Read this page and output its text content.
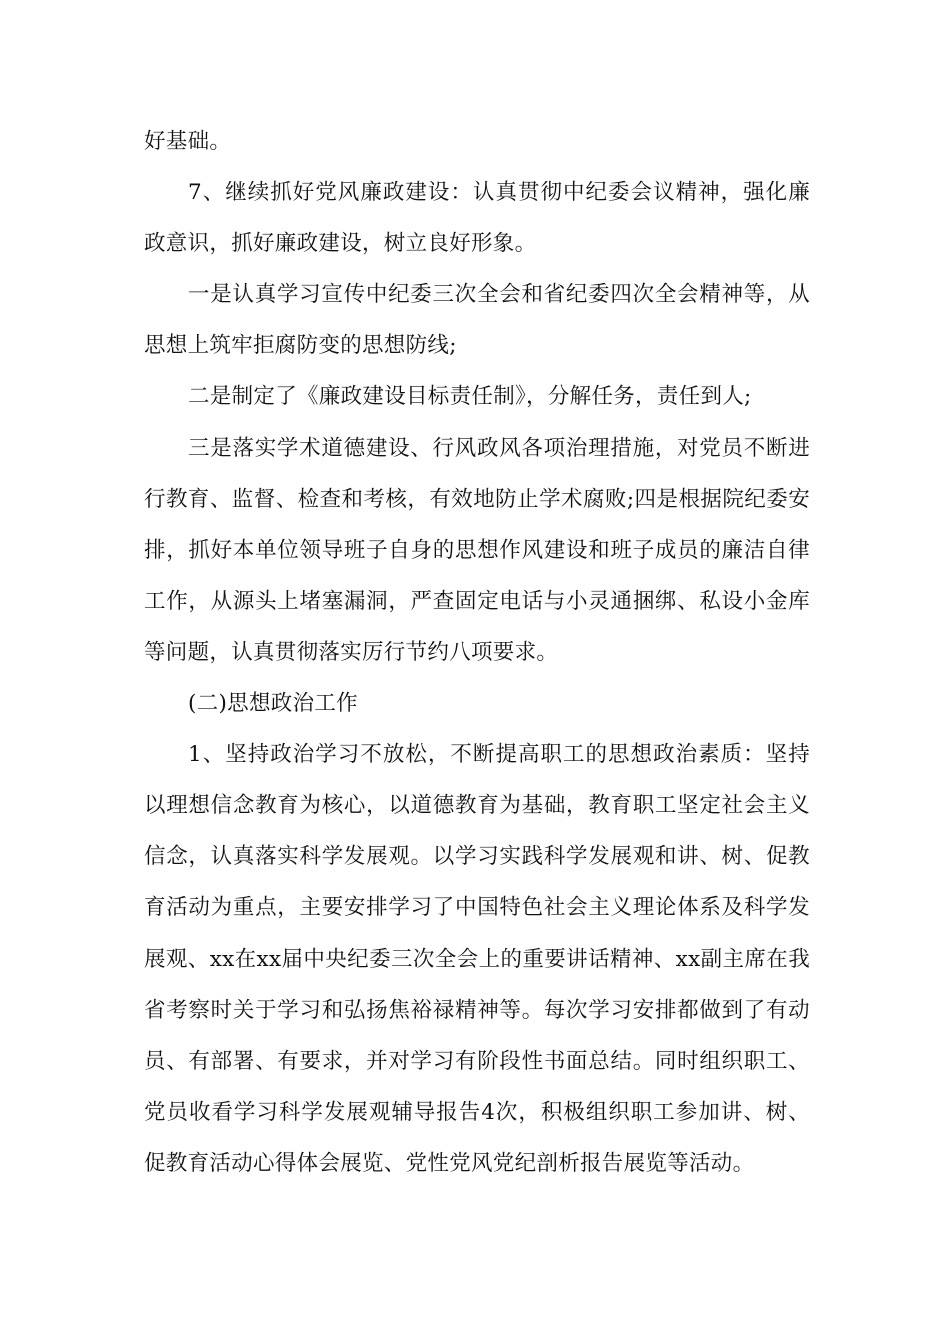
好基础。

7、继续抓好党风廉政建设：认真贯彻中纪委会议精神，强化廉政意识，抓好廉政建设，树立良好形象。

一是认真学习宣传中纪委三次全会和省纪委四次全会精神等，从思想上筑牢拒腐防变的思想防线;

二是制定了《廉政建设目标责任制》，分解任务，责任到人;

三是落实学术道德建设、行风政风各项治理措施，对党员不断进行教育、监督、检查和考核，有效地防止学术腐败;四是根据院纪委安排，抓好本单位领导班子自身的思想作风建设和班子成员的廉洁自律工作，从源头上堵塞漏洞，严查固定电话与小灵通捆绑、私设小金库等问题，认真贯彻落实厉行节约八项要求。

(二)思想政治工作

1、坚持政治学习不放松，不断提高职工的思想政治素质：坚持以理想信念教育为核心，以道德教育为基础，教育职工坚定社会主义信念，认真落实科学发展观。以学习实践科学发展观和讲、树、促教育活动为重点，主要安排学习了中国特色社会主义理论体系及科学发展观、xx在xx届中央纪委三次全会上的重要讲话精神、xx副主席在我省考察时关于学习和弘扬焦裕禄精神等。每次学习安排都做到了有动员、有部署、有要求，并对学习有阶段性书面总结。同时组织职工、党员收看学习科学发展观辅导报告4次，积极组织职工参加讲、树、促教育活动心得体会展览、党性党风党纪剖析报告展览等活动。
